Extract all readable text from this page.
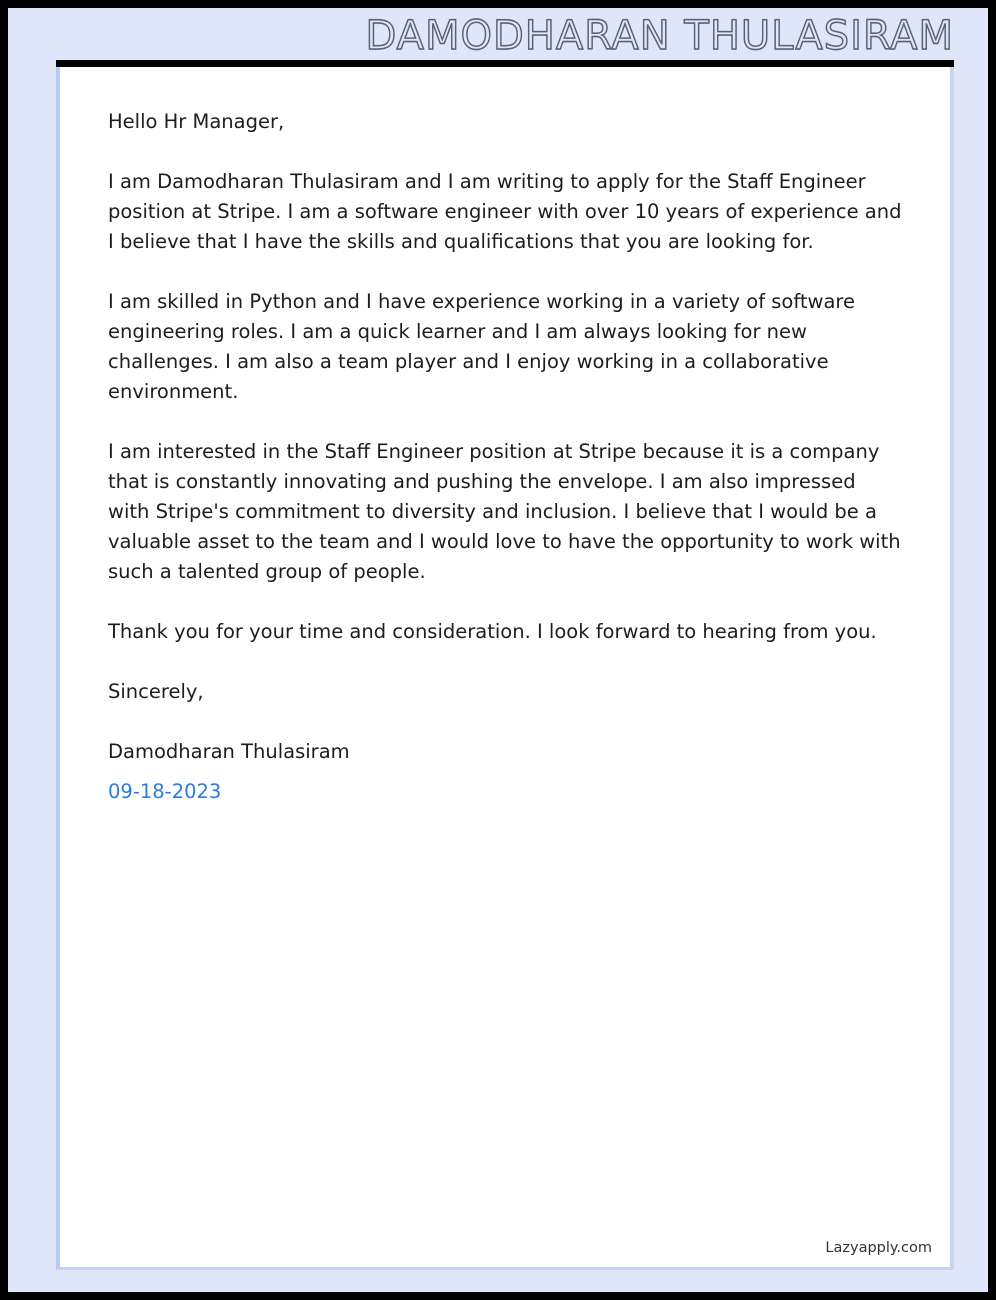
DAMODHARAN THULASIRAM

Hello Hr Manager,

I am Damodharan Thulasiram and I am writing to apply for the Staff Engineer position at Stripe. I am a software engineer with over 10 years of experience and I believe that I have the skills and qualifications that you are looking for.

I am skilled in Python and I have experience working in a variety of software engineering roles. I am a quick learner and I am always looking for new challenges. I am also a team player and I enjoy working in a collaborative environment.

I am interested in the Staff Engineer position at Stripe because it is a company that is constantly innovating and pushing the envelope. I am also impressed with Stripe's commitment to diversity and inclusion. I believe that I would be a valuable asset to the team and I would love to have the opportunity to work with such a talented group of people.

Thank you for your time and consideration. I look forward to hearing from you.

Sincerely,

Damodharan Thulasiram

09-18-2023

Lazyapply.com
